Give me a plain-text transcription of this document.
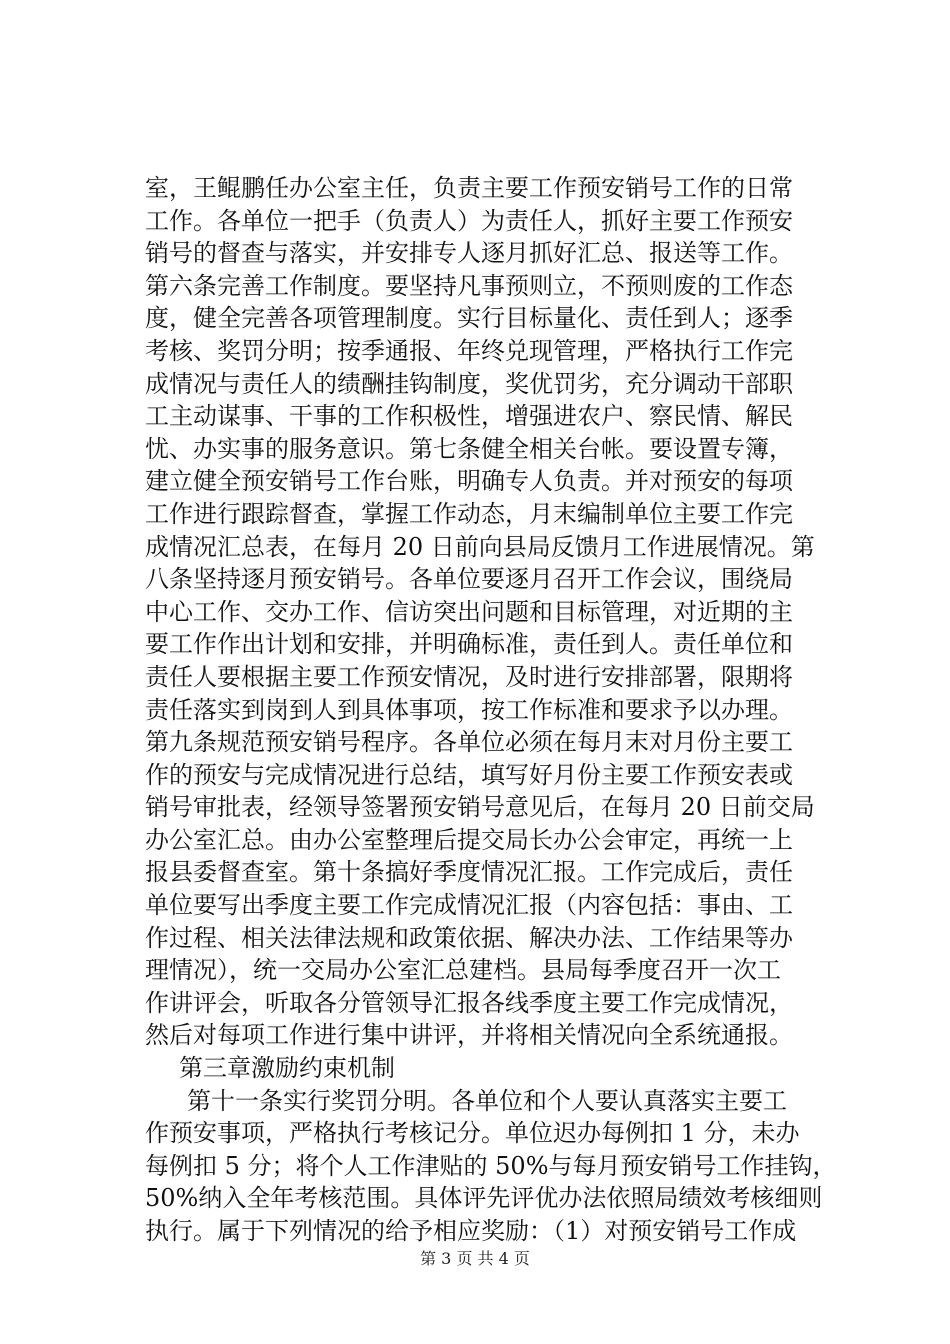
室，王鲲鹏任办公室主任，负责主要工作预安销号工作的日常
工作。各单位一把手（负责人）为责任人，抓好主要工作预安
销号的督查与落实，并安排专人逐月抓好汇总、报送等工作。
第六条完善工作制度。要坚持凡事预则立，不预则废的工作态
度，健全完善各项管理制度。实行目标量化、责任到人；逐季
考核、奖罚分明；按季通报、年终兑现管理，严格执行工作完
成情况与责任人的绩酬挂钩制度，奖优罚劣，充分调动干部职
工主动谋事、干事的工作积极性，增强进农户、察民情、解民
忧、办实事的服务意识。第七条健全相关台帐。要设置专簿，
建立健全预安销号工作台账，明确专人负责。并对预安的每项
工作进行跟踪督查，掌握工作动态，月末编制单位主要工作完
成情况汇总表，在每月 20 日前向县局反馈月工作进展情况。第
八条坚持逐月预安销号。各单位要逐月召开工作会议，围绕局
中心工作、交办工作、信访突出问题和目标管理，对近期的主
要工作作出计划和安排，并明确标准，责任到人。责任单位和
责任人要根据主要工作预安情况，及时进行安排部署，限期将
责任落实到岗到人到具体事项，按工作标准和要求予以办理。
第九条规范预安销号程序。各单位必须在每月末对月份主要工
作的预安与完成情况进行总结，填写好月份主要工作预安表或
销号审批表，经领导签署预安销号意见后，在每月 20 日前交局
办公室汇总。由办公室整理后提交局长办公会审定，再统一上
报县委督查室。第十条搞好季度情况汇报。工作完成后，责任
单位要写出季度主要工作完成情况汇报（内容包括：事由、工
作过程、相关法律法规和政策依据、解决办法、工作结果等办
理情况），统一交局办公室汇总建档。县局每季度召开一次工
作讲评会，听取各分管领导汇报各线季度主要工作完成情况，
然后对每项工作进行集中讲评，并将相关情况向全系统通报。
第三章激励约束机制
第十一条实行奖罚分明。各单位和个人要认真落实主要工
作预安事项，严格执行考核记分。单位迟办每例扣 1 分，未办
每例扣 5 分；将个人工作津贴的 50%与每月预安销号工作挂钩，
50%纳入全年考核范围。具体评先评优办法依照局绩效考核细则
执行。属于下列情况的给予相应奖励：（1）对预安销号工作成
第 3 页 共 4 页
